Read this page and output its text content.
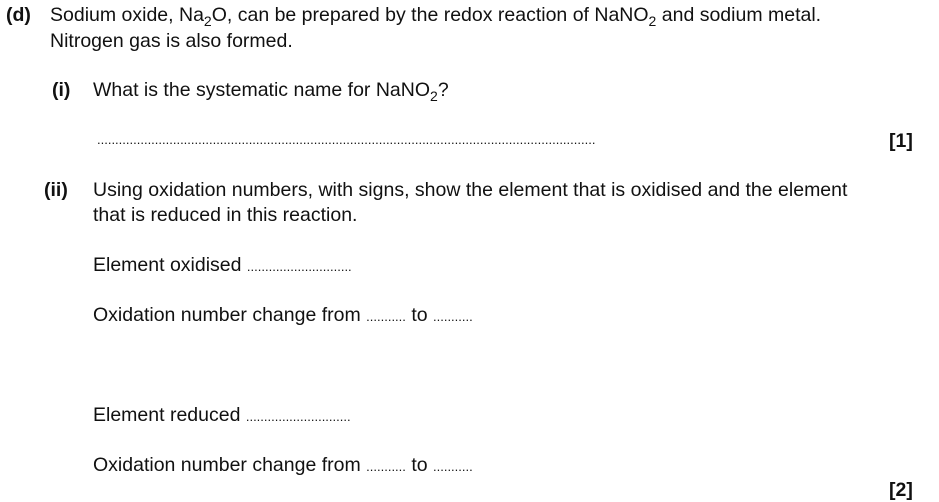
(d) Sodium oxide, $Na_2O$, can be prepared by the redox reaction of NaNO$_2$ and sodium metal.
Nitrogen gas is also formed.
(i) What is the systematic name for NaNO$_2$?
..........................................................................................................................................	[1]
(ii) Using oxidation numbers, with signs, show the element that is oxidised and the element
that is reduced in this reaction.
Element oxidised .............................
Oxidation number change from ........... to ...........
Element reduced .............................
Oxidation number change from ........... to ...........
[2]
